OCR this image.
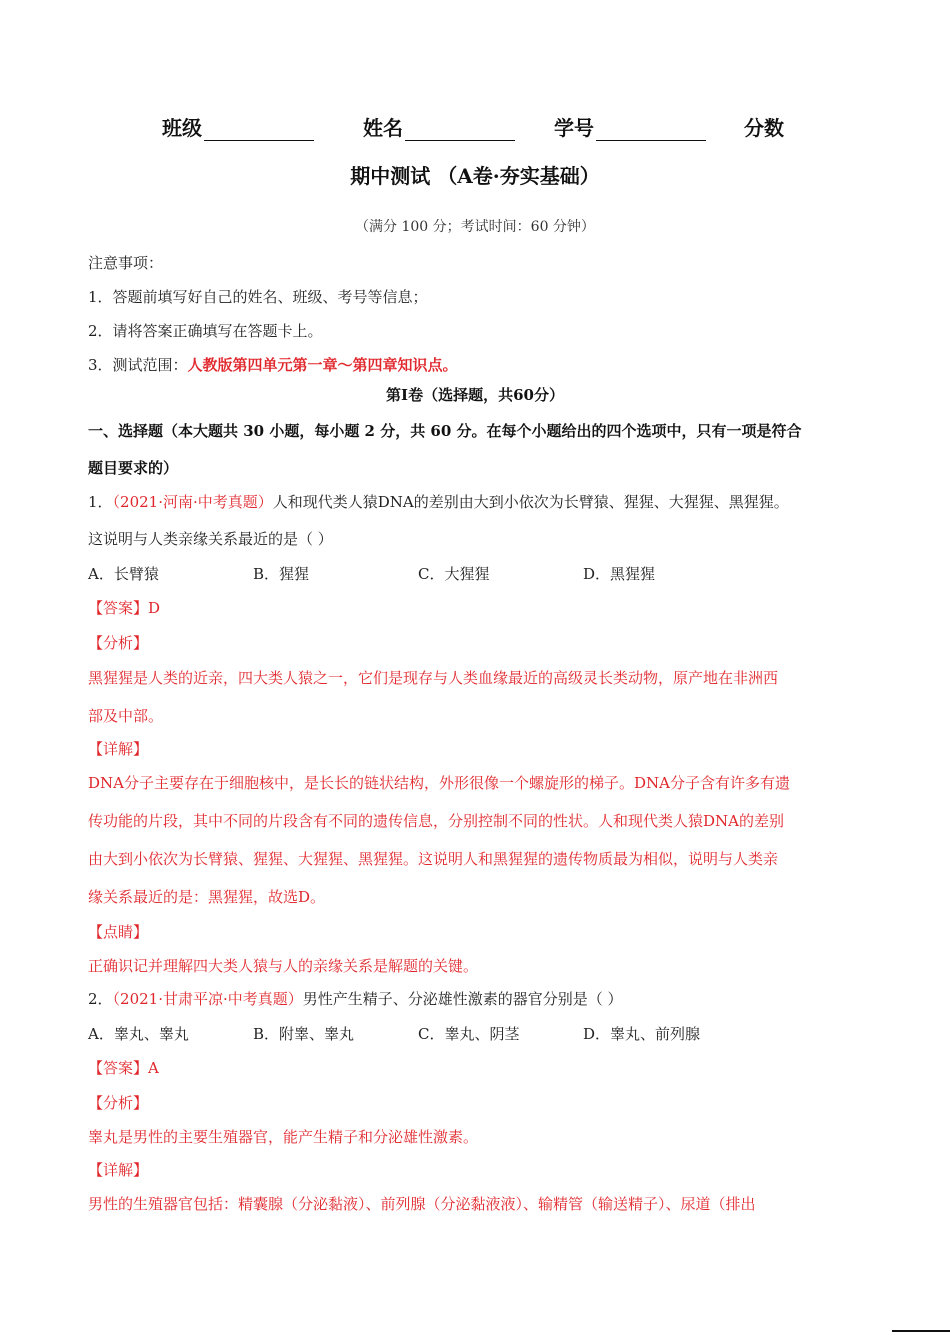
班级	姓名	学号	分数
期中测试 （A卷·夯实基础）
（满分 100 分；考试时间：60 分钟）
注意事项：
1．答题前填写好自己的姓名、班级、考号等信息；
2．请将答案正确填写在答题卡上。
3．测试范围：人教版第四单元第一章～第四章知识点。
第I卷（选择题，共60分）
一、选择题（本大题共 30 小题，每小题 2 分，共 60 分。在每个小题给出的四个选项中，只有一项是符合
题目要求的）
1．（2021·河南·中考真题）人和现代类人猿DNA的差别由大到小依次为长臂猿、猩猩、大猩猩、黑猩猩。
这说明与人类亲缘关系最近的是（ ）
A．长臂猿	B．猩猩	C．大猩猩	D．黑猩猩
【答案】D
【分析】
黑猩猩是人类的近亲，四大类人猿之一，它们是现存与人类血缘最近的高级灵长类动物，原产地在非洲西
部及中部。
【详解】
DNA分子主要存在于细胞核中，是长长的链状结构，外形很像一个螺旋形的梯子。DNA分子含有许多有遗
传功能的片段，其中不同的片段含有不同的遗传信息，分别控制不同的性状。人和现代类人猿DNA的差别
由大到小依次为长臂猿、猩猩、大猩猩、黑猩猩。这说明人和黑猩猩的遗传物质最为相似，说明与人类亲
缘关系最近的是：黑猩猩，故选D。
【点睛】
正确识记并理解四大类人猿与人的亲缘关系是解题的关键。
2．（2021·甘肃平凉·中考真题）男性产生精子、分泌雄性激素的器官分别是（ ）
A．睾丸、睾丸	B．附睾、睾丸	C．睾丸、阴茎	D．睾丸、前列腺
【答案】A
【分析】
睾丸是男性的主要生殖器官，能产生精子和分泌雄性激素。
【详解】
男性的生殖器官包括：精囊腺（分泌黏液）、前列腺（分泌黏液液）、输精管（输送精子）、尿道（排出
